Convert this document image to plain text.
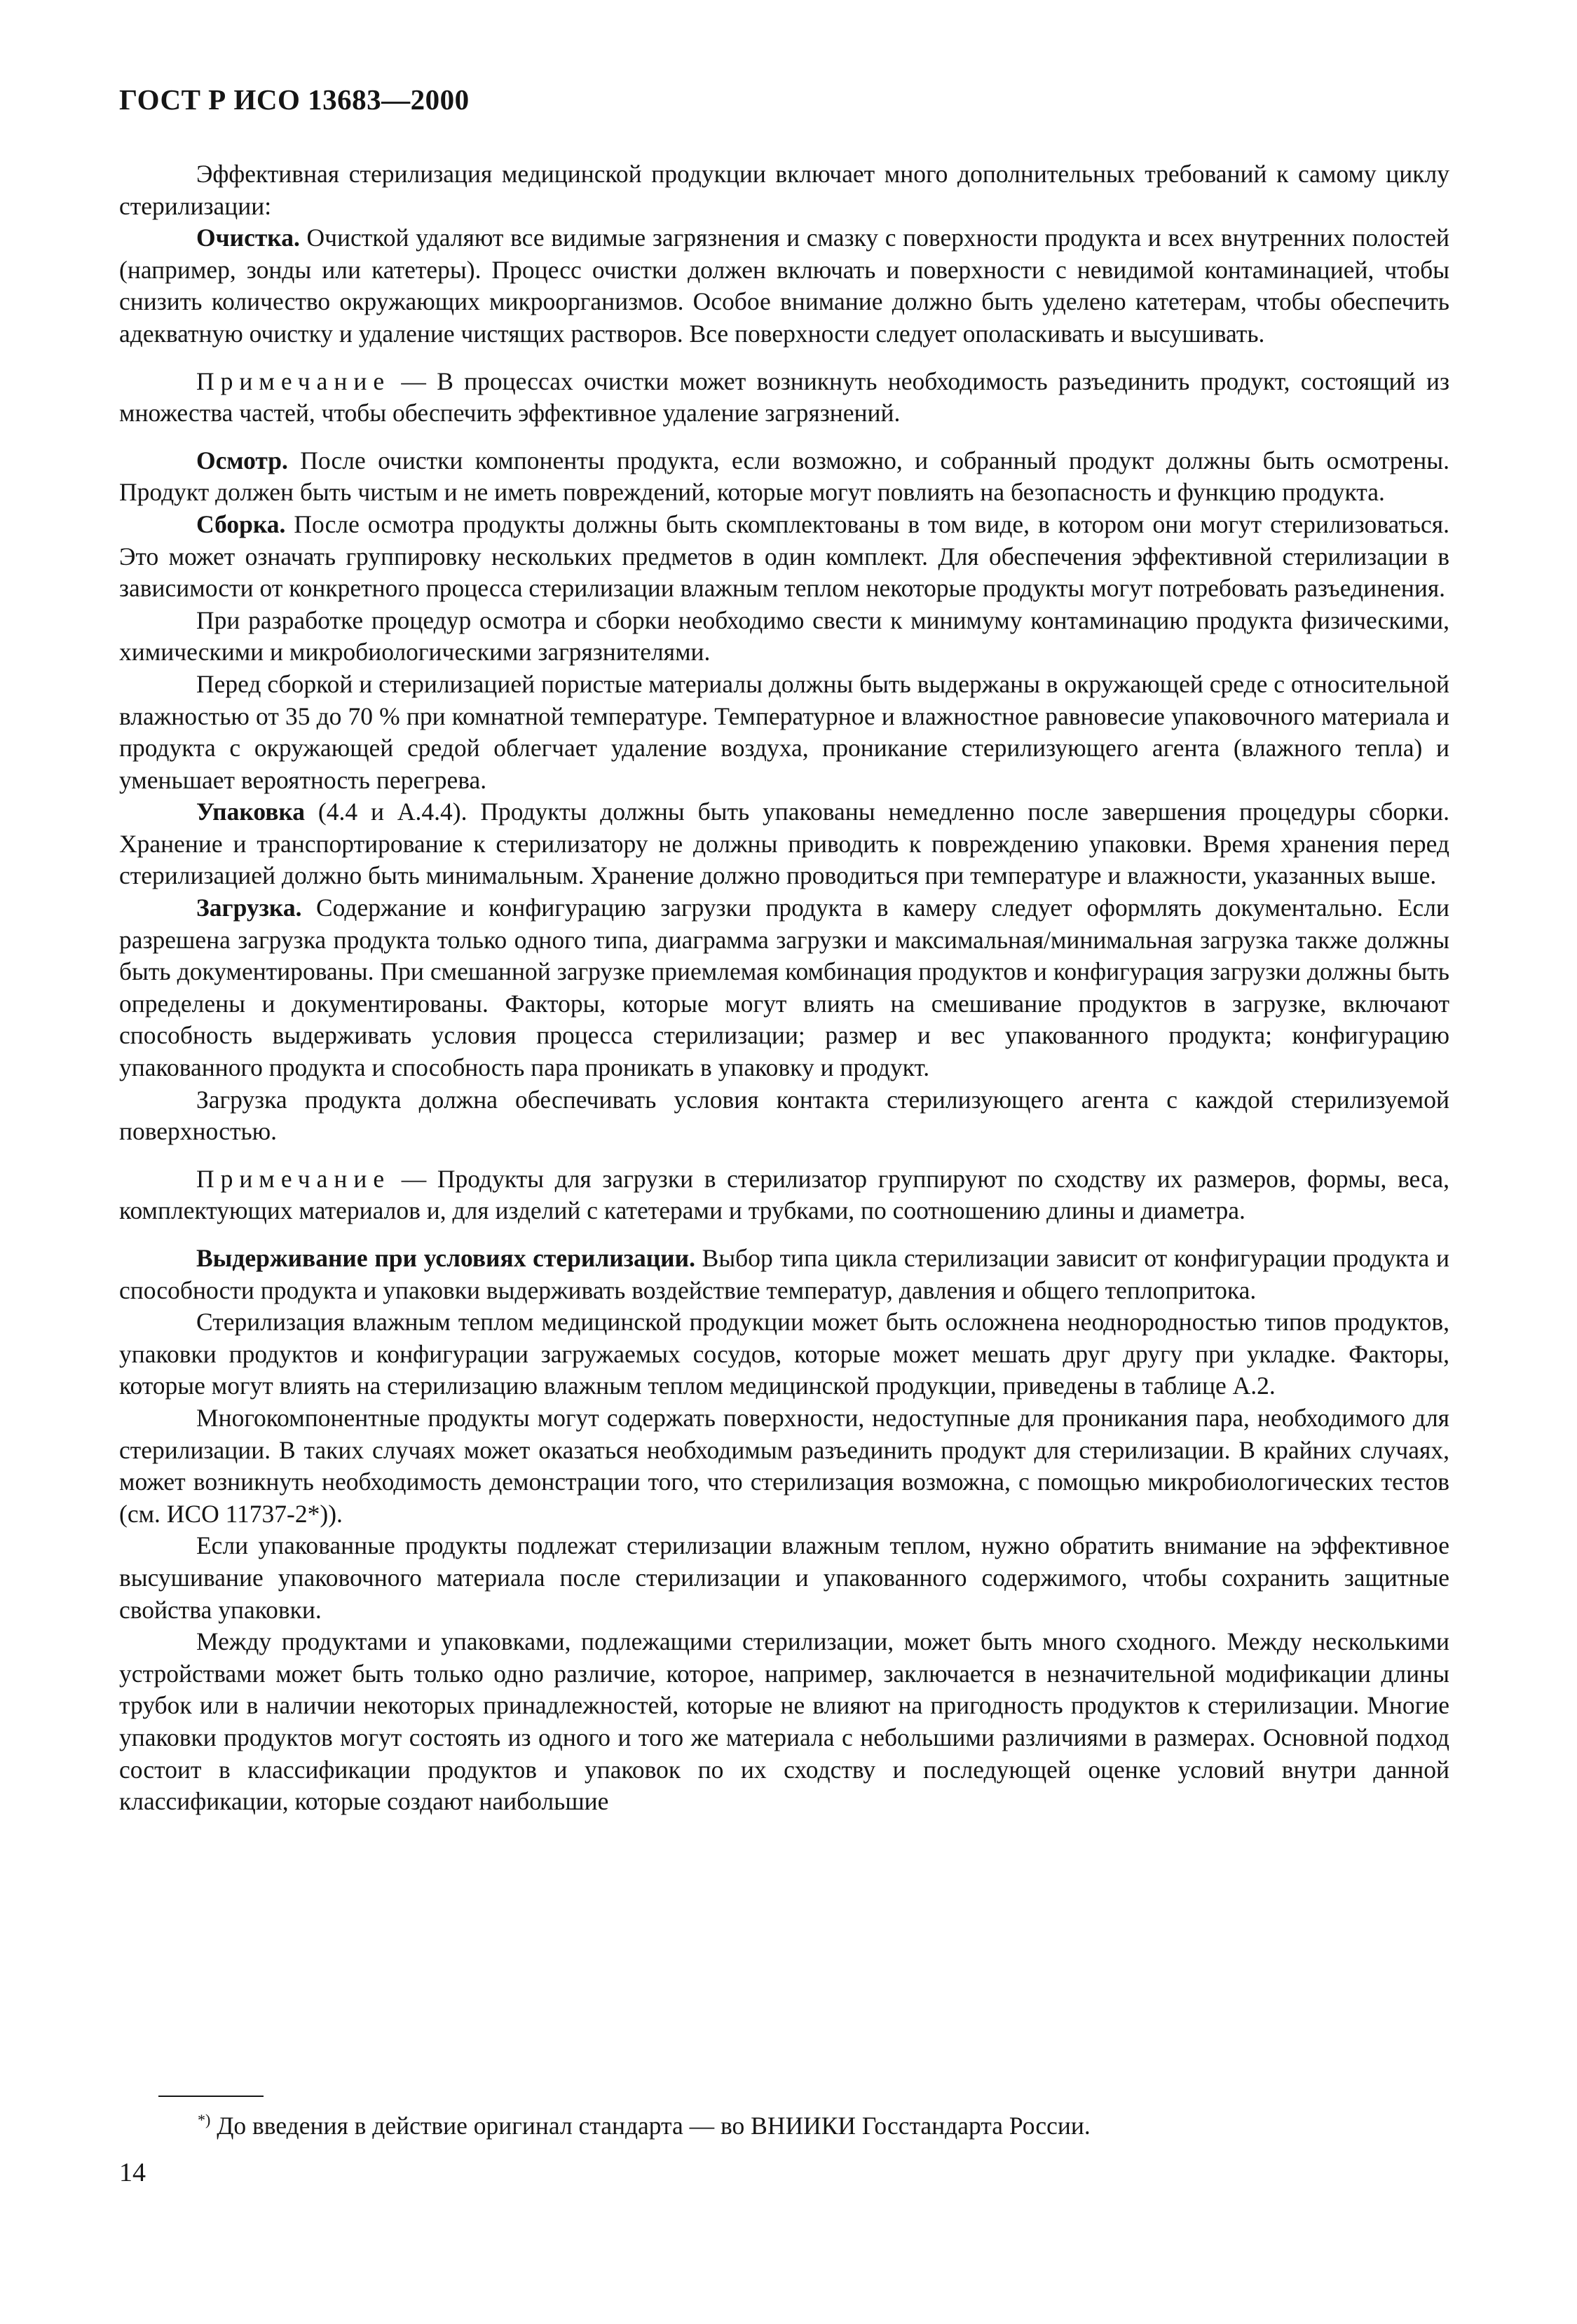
ГОСТ Р ИСО 13683—2000

Эффективная стерилизация медицинской продукции включает много дополнительных требований к самому циклу стерилизации:

Очистка. Очисткой удаляют все видимые загрязнения и смазку с поверхности продукта и всех внутренних полостей (например, зонды или катетеры). Процесс очистки должен включать и поверхности с невидимой контаминацией, чтобы снизить количество окружающих микроорганизмов. Особое внимание должно быть уделено катетерам, чтобы обеспечить адекватную очистку и удаление чистящих растворов. Все поверхности следует ополаскивать и высушивать.

Примечание — В процессах очистки может возникнуть необходимость разъединить продукт, состоящий из множества частей, чтобы обеспечить эффективное удаление загрязнений.

Осмотр. После очистки компоненты продукта, если возможно, и собранный продукт должны быть осмотрены. Продукт должен быть чистым и не иметь повреждений, которые могут повлиять на безопасность и функцию продукта.

Сборка. После осмотра продукты должны быть скомплектованы в том виде, в котором они могут стерилизоваться. Это может означать группировку нескольких предметов в один комплект. Для обеспечения эффективной стерилизации в зависимости от конкретного процесса стерилизации влажным теплом некоторые продукты могут потребовать разъединения.

При разработке процедур осмотра и сборки необходимо свести к минимуму контаминацию продукта физическими, химическими и микробиологическими загрязнителями.

Перед сборкой и стерилизацией пористые материалы должны быть выдержаны в окружающей среде с относительной влажностью от 35 до 70 % при комнатной температуре. Температурное и влажностное равновесие упаковочного материала и продукта с окружающей средой облегчает удаление воздуха, проникание стерилизующего агента (влажного тепла) и уменьшает вероятность перегрева.

Упаковка (4.4 и А.4.4). Продукты должны быть упакованы немедленно после завершения процедуры сборки. Хранение и транспортирование к стерилизатору не должны приводить к повреждению упаковки. Время хранения перед стерилизацией должно быть минимальным. Хранение должно проводиться при температуре и влажности, указанных выше.

Загрузка. Содержание и конфигурацию загрузки продукта в камеру следует оформлять документально. Если разрешена загрузка продукта только одного типа, диаграмма загрузки и максимальная/минимальная загрузка также должны быть документированы. При смешанной загрузке приемлемая комбинация продуктов и конфигурация загрузки должны быть определены и документированы. Факторы, которые могут влиять на смешивание продуктов в загрузке, включают способность выдерживать условия процесса стерилизации; размер и вес упакованного продукта; конфигурацию упакованного продукта и способность пара проникать в упаковку и продукт.

Загрузка продукта должна обеспечивать условия контакта стерилизующего агента с каждой стерилизуемой поверхностью.

Примечание — Продукты для загрузки в стерилизатор группируют по сходству их размеров, формы, веса, комплектующих материалов и, для изделий с катетерами и трубками, по соотношению длины и диаметра.

Выдерживание при условиях стерилизации. Выбор типа цикла стерилизации зависит от конфигурации продукта и способности продукта и упаковки выдерживать воздействие температур, давления и общего теплопритока.

Стерилизация влажным теплом медицинской продукции может быть осложнена неоднородностью типов продуктов, упаковки продуктов и конфигурации загружаемых сосудов, которые может мешать друг другу при укладке. Факторы, которые могут влиять на стерилизацию влажным теплом медицинской продукции, приведены в таблице А.2.

Многокомпонентные продукты могут содержать поверхности, недоступные для проникания пара, необходимого для стерилизации. В таких случаях может оказаться необходимым разъединить продукт для стерилизации. В крайних случаях, может возникнуть необходимость демонстрации того, что стерилизация возможна, с помощью микробиологических тестов (см. ИСО 11737-2*)).

Если упакованные продукты подлежат стерилизации влажным теплом, нужно обратить внимание на эффективное высушивание упаковочного материала после стерилизации и упакованного содержимого, чтобы сохранить защитные свойства упаковки.

Между продуктами и упаковками, подлежащими стерилизации, может быть много сходного. Между несколькими устройствами может быть только одно различие, которое, например, заключается в незначительной модификации длины трубок или в наличии некоторых принадлежностей, которые не влияют на пригодность продуктов к стерилизации. Многие упаковки продуктов могут состоять из одного и того же материала с небольшими различиями в размерах. Основной подход состоит в классификации продуктов и упаковок по их сходству и последующей оценке условий внутри данной классификации, которые создают наибольшие

*) До введения в действие оригинал стандарта — во ВНИИКИ Госстандарта России.
14
